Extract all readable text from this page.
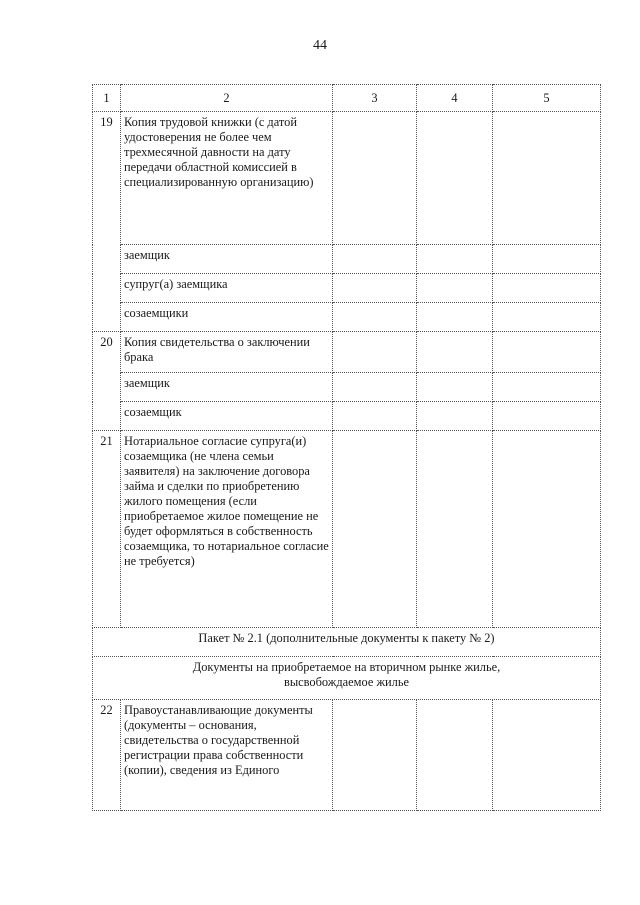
44
1	2	3	4	5
19	Копия трудовой книжки (с датой удостоверения не более чем трехмесячной давности на дату передачи областной комиссией в специализированную организацию)			
	заемщик			
	супруг(а) заемщика			
	созаемщики			
20	Копия свидетельства о заключении брака			
	заемщик			
	созаемщик			
21	Нотариальное согласие супруга(и) созаемщика (не члена семьи заявителя) на заключение договора займа и сделки по приобретению жилого помещения (если приобретаемое жилое помещение не будет оформляться в собственность созаемщика, то нотариальное согласие не требуется)			
Пакет № 2.1 (дополнительные документы к пакету № 2)				

Документы на приобретаемое на вторичном рынке жилье, высвобождаемое жилье				

22	Правоустанавливающие документы (документы – основания, свидетельства о государственной регистрации права собственности (копии), сведения из Единого			
